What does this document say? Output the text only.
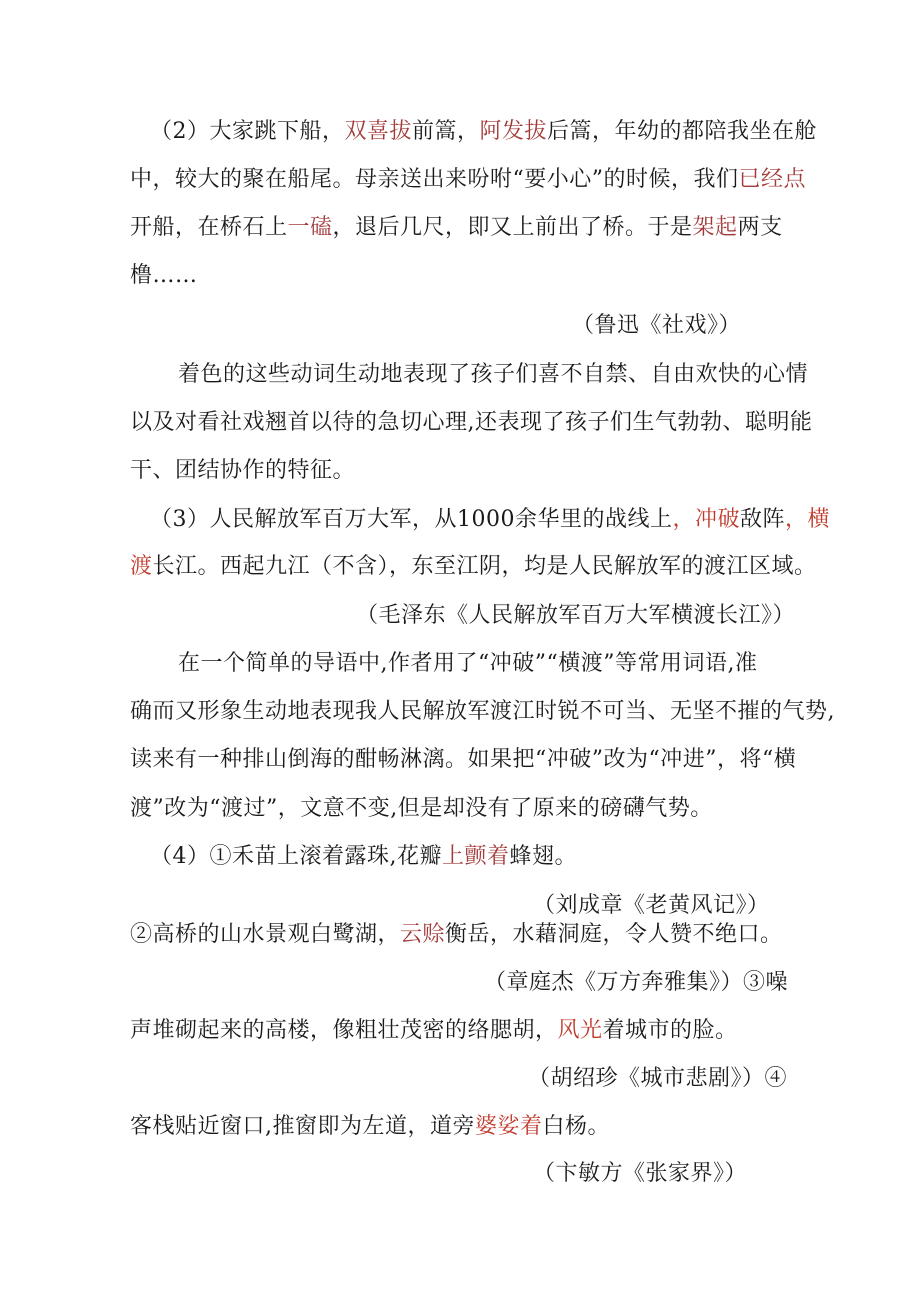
（2）大家跳下船，双喜拔前篙，阿发拔后篙，年幼的都陪我坐在舱
中，较大的聚在船尾。母亲送出来吩咐“要小心”的时候，我们已经点
开船，在桥石上一磕，退后几尺，即又上前出了桥。于是架起两支
橹……
（鲁迅《社戏》）
着色的这些动词生动地表现了孩子们喜不自禁、自由欢快的心情
以及对看社戏翘首以待的急切心理,还表现了孩子们生气勃勃、聪明能
干、团结协作的特征。
（3）人民解放军百万大军，从1000余华里的战线上，冲破敌阵，横
渡长江。西起九江（不含），东至江阴，均是人民解放军的渡江区域。
（毛泽东《人民解放军百万大军横渡长江》）
在一个简单的导语中,作者用了“冲破”“横渡”等常用词语,准
确而又形象生动地表现我人民解放军渡江时锐不可当、无坚不摧的气势,
读来有一种排山倒海的酣畅淋漓。如果把“冲破”改为“冲进”，将“横
渡”改为“渡过”，文意不变,但是却没有了原来的磅礴气势。
（4）①禾苗上滚着露珠,花瓣上颤着蜂翅。
（刘成章《老黄风记》）
②高桥的山水景观白鹭湖，云赊衡岳，水藉洞庭，令人赞不绝口。
（章庭杰《万方奔雅集》）③噪
声堆砌起来的高楼，像粗壮茂密的络腮胡，风光着城市的脸。
（胡绍珍《城市悲剧》）④
客栈贴近窗口,推窗即为左道，道旁婆娑着白杨。
（卞敏方《张家界》）
